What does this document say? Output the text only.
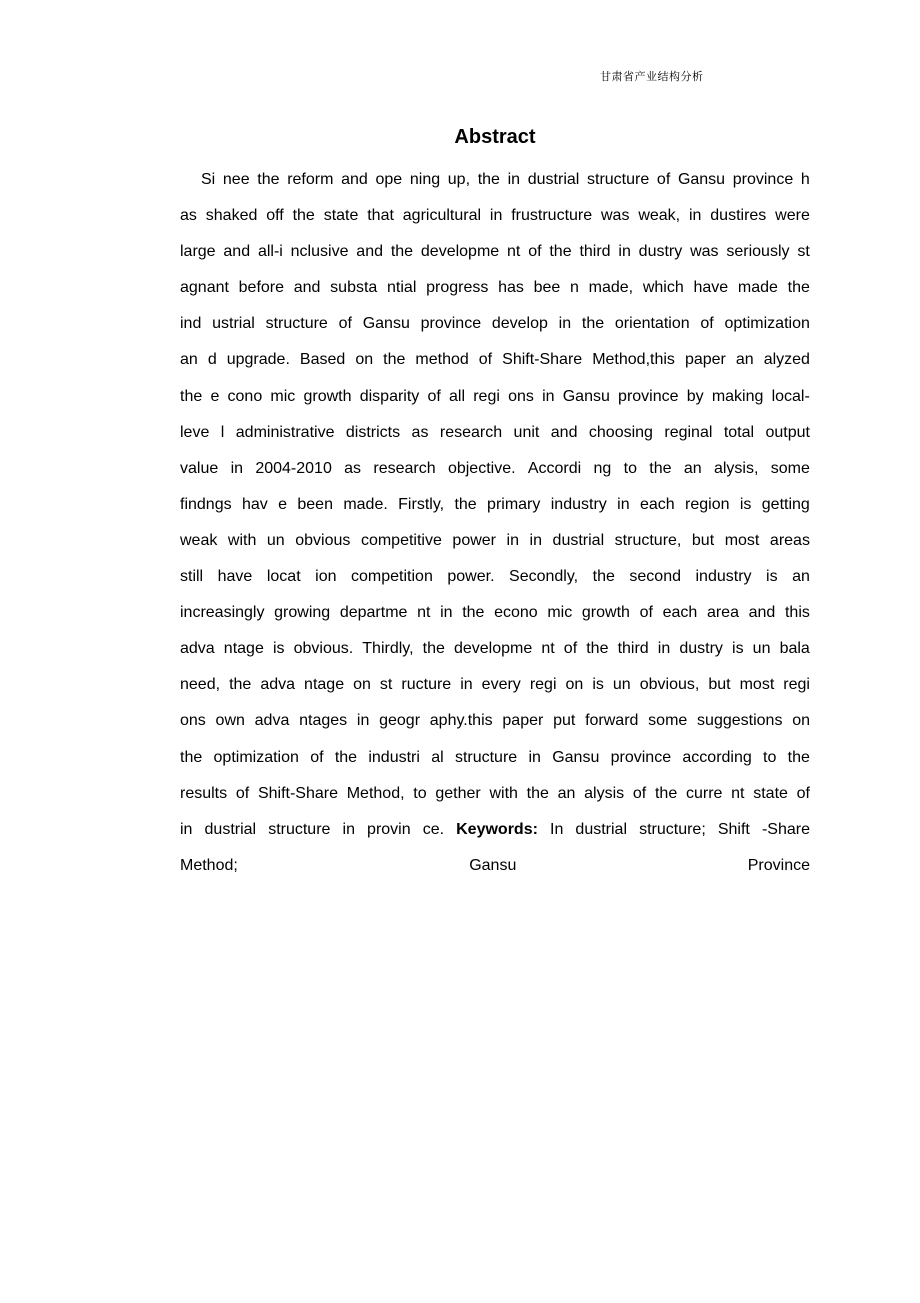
甘肃省产业结构分析
Abstract
Si nee the reform and ope ning up, the in dustrial structure of Gansu province h
as shaked off the state that agricultural in frustructure was weak, in dustires were
large and all-i nclusive and the developme nt of the third in dustry was seriously st
agnant before and substa ntial progress has bee n made, which have made the
ind ustrial structure of Gansu province develop in the orientation of optimization
an d upgrade. Based on the method of Shift-Share Method,this paper an alyzed
the e cono mic growth disparity of all regi ons in Gansu province by making local-
leve l administrative districts as research unit and choosing reginal total output
value in 2004-2010 as research objective. Accordi ng to the an alysis, some
findngs hav e been made. Firstly, the primary industry in each region is getting
weak with un obvious competitive power in in dustrial structure, but most areas
still have locat ion competition power. Secondly, the second industry is an
increasingly growing departme nt in the econo mic growth of each area and this
adva ntage is obvious. Thirdly, the developme nt of the third in dustry is un bala
need, the adva ntage on st ructure in every regi on is un obvious, but most regi
ons own adva ntages in geogr aphy.this paper put forward some suggestions on
the optimization of the industri al structure in Gansu province according to the
results of Shift-Share Method, to gether with the an alysis of the curre nt state of
in dustrial structure in provin ce. Keywords: In dustrial structure; Shift -Share
Method;	Gansu	Province
